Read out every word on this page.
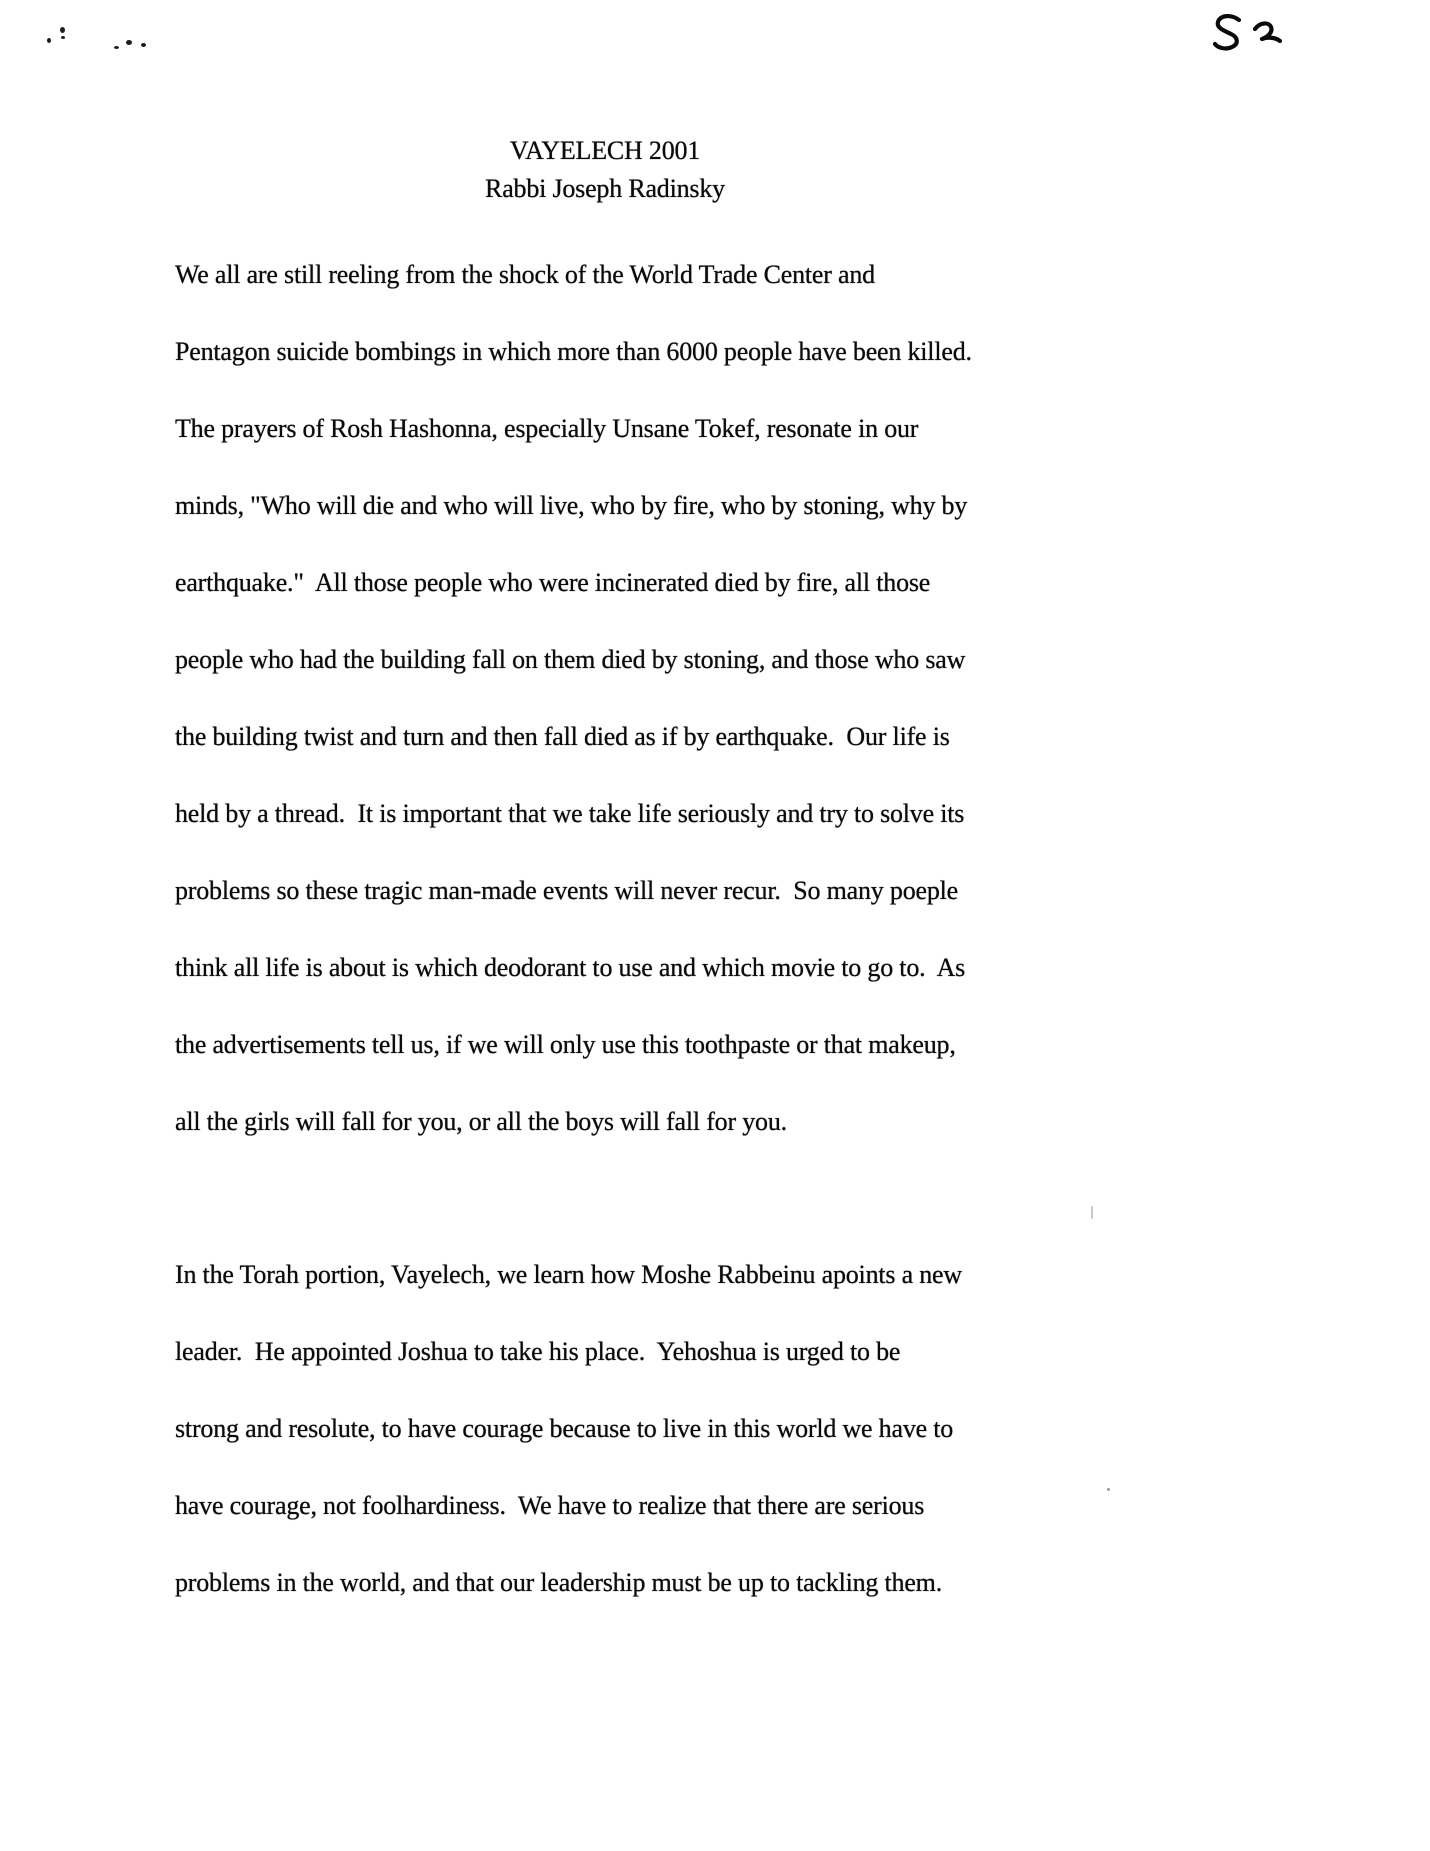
VAYELECH 2001
Rabbi Joseph Radinsky
We all are still reeling from the shock of the World Trade Center and
Pentagon suicide bombings in which more than 6000 people have been killed.
The prayers of Rosh Hashonna, especially Unsane Tokef, resonate in our
minds, "Who will die and who will live, who by fire, who by stoning, why by
earthquake."  All those people who were incinerated died by fire, all those
people who had the building fall on them died by stoning, and those who saw
the building twist and turn and then fall died as if by earthquake.  Our life is
held by a thread.  It is important that we take life seriously and try to solve its
problems so these tragic man-made events will never recur.  So many poeple
think all life is about is which deodorant to use and which movie to go to.  As
the advertisements tell us, if we will only use this toothpaste or that makeup,
all the girls will fall for you, or all the boys will fall for you.
In the Torah portion, Vayelech, we learn how Moshe Rabbeinu apoints a new
leader.  He appointed Joshua to take his place.  Yehoshua is urged to be
strong and resolute, to have courage because to live in this world we have to
have courage, not foolhardiness.  We have to realize that there are serious
problems in the world, and that our leadership must be up to tackling them.
